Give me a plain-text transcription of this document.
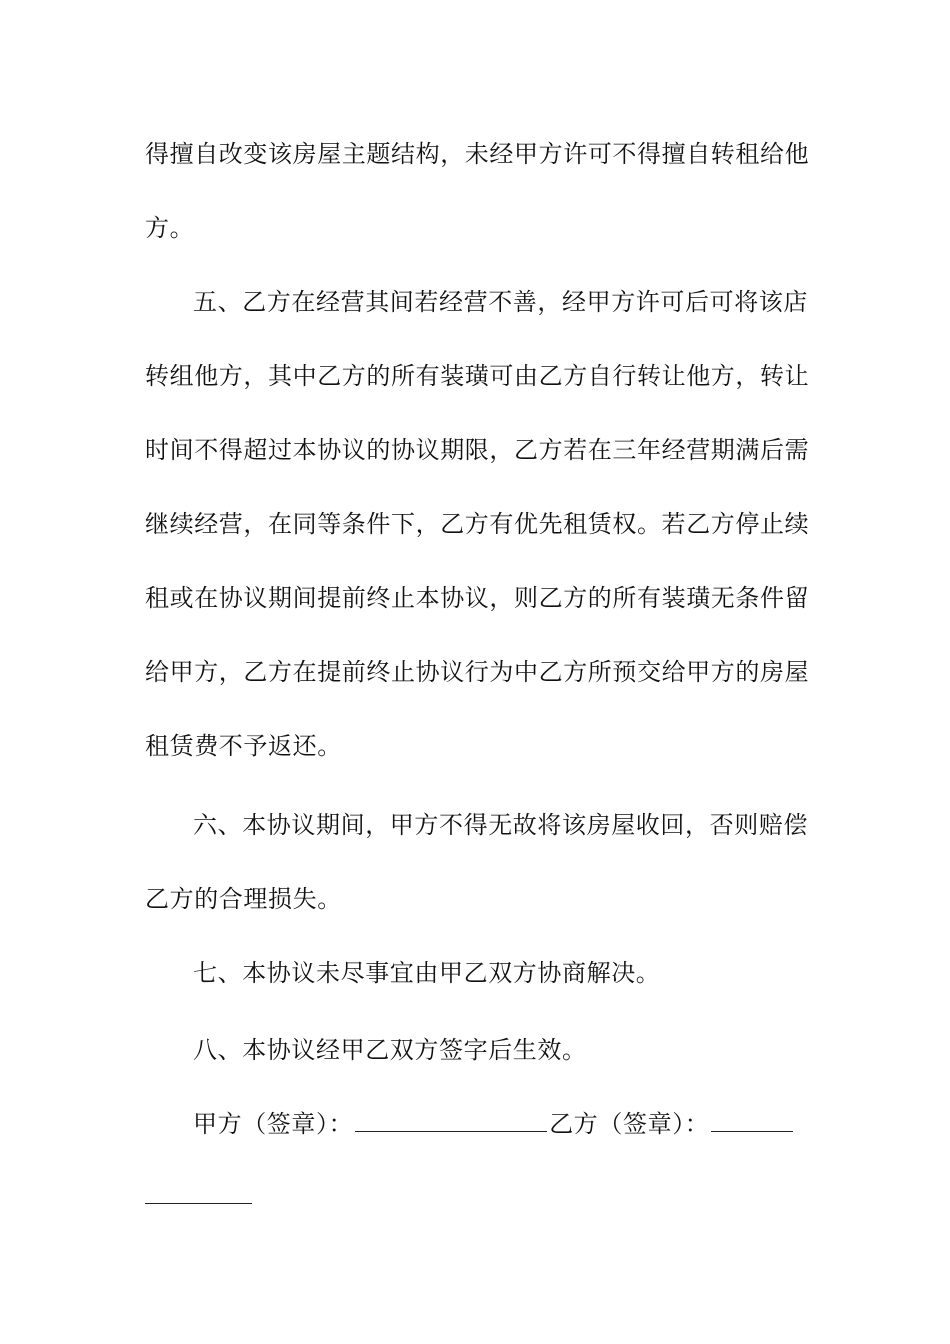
得擅自改变该房屋主题结构，未经甲方许可不得擅自转租给他
方。
五、乙方在经营其间若经营不善，经甲方许可后可将该店
转组他方，其中乙方的所有装璜可由乙方自行转让他方，转让
时间不得超过本协议的协议期限，乙方若在三年经营期满后需
继续经营，在同等条件下，乙方有优先租赁权。若乙方停止续
租或在协议期间提前终止本协议，则乙方的所有装璜无条件留
给甲方，乙方在提前终止协议行为中乙方所预交给甲方的房屋
租赁费不予返还。
六、本协议期间，甲方不得无故将该房屋收回，否则赔偿
乙方的合理损失。
七、本协议未尽事宜由甲乙双方协商解决。
八、本协议经甲乙双方签字后生效。
甲方（签章）：	乙方（签章）：
